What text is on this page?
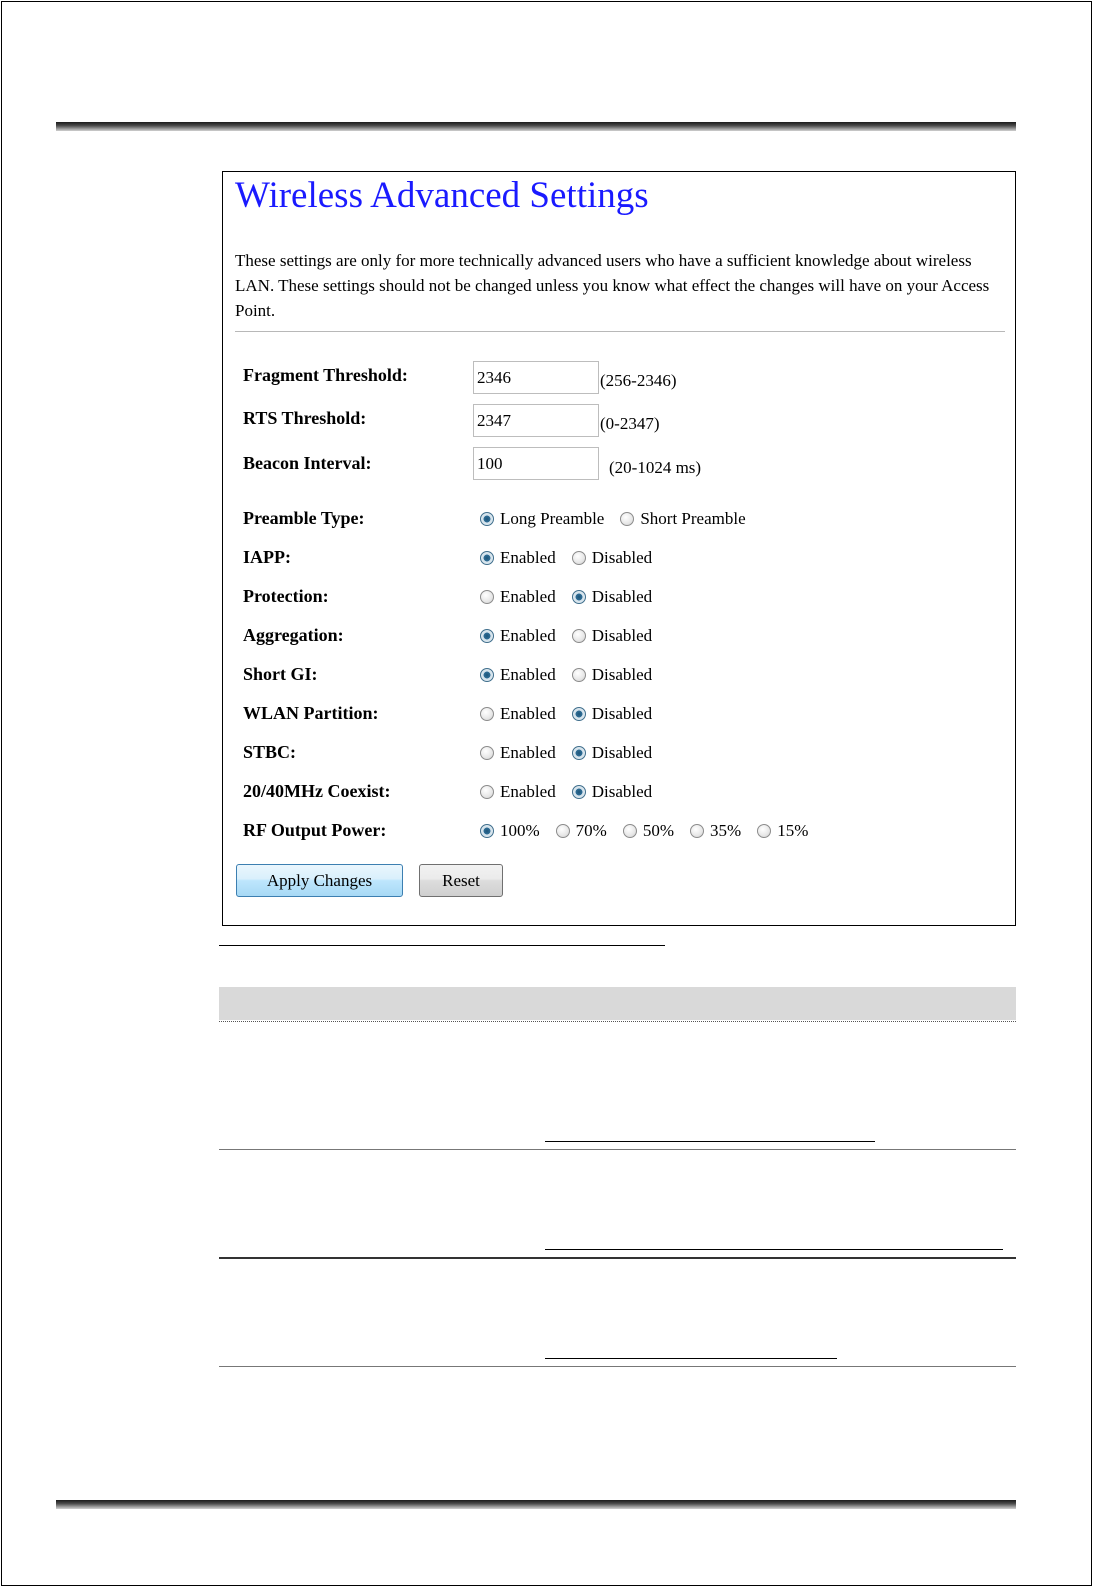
Wireless Advanced Settings

These settings are only for more technically advanced users who have a sufficient knowledge about wireless LAN. These settings should not be changed unless you know what effect the changes will have on your Access Point.

Fragment Threshold:
2346	(256-2346)
RTS Threshold:
2347	(0-2347)
Beacon Interval:
100	(20-1024 ms)
Preamble Type:	Long Preamble Short Preamble
IAPP:	Enabled Disabled
Protection:	Enabled Disabled
Aggregation:	Enabled Disabled
Short GI:	Enabled Disabled
WLAN Partition:	Enabled Disabled
STBC:	Enabled Disabled
20/40MHz Coexist:	Enabled Disabled
RF Output Power:	100% 70% 50% 35% 15%
Apply Changes	Reset
